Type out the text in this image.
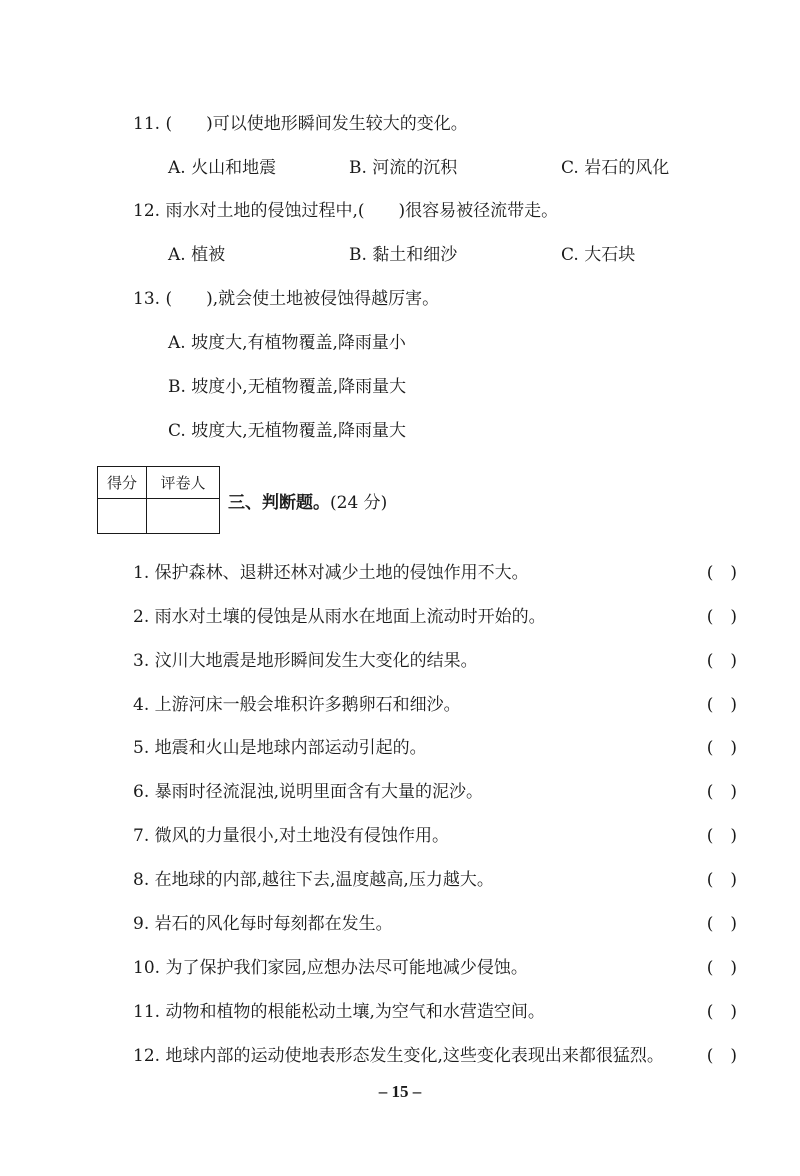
11. (　　)可以使地形瞬间发生较大的变化。
A. 火山和地震	B. 河流的沉积	C. 岩石的风化
12. 雨水对土地的侵蚀过程中,(　　)很容易被径流带走。
A. 植被	B. 黏土和细沙	C. 大石块
13. (　　),就会使土地被侵蚀得越厉害。
A. 坡度大,有植物覆盖,降雨量小
B. 坡度小,无植物覆盖,降雨量大
C. 坡度大,无植物覆盖,降雨量大
得分	评卷人

三、判断题。(24 分)
1. 保护森林、退耕还林对减少土地的侵蚀作用不大。	(　)
2. 雨水对土壤的侵蚀是从雨水在地面上流动时开始的。	(　)
3. 汶川大地震是地形瞬间发生大变化的结果。	(　)
4. 上游河床一般会堆积许多鹅卵石和细沙。	(　)
5. 地震和火山是地球内部运动引起的。	(　)
6. 暴雨时径流混浊,说明里面含有大量的泥沙。	(　)
7. 微风的力量很小,对土地没有侵蚀作用。	(　)
8. 在地球的内部,越往下去,温度越高,压力越大。	(　)
9. 岩石的风化每时每刻都在发生。	(　)
10. 为了保护我们家园,应想办法尽可能地减少侵蚀。	(　)
11. 动物和植物的根能松动土壤,为空气和水营造空间。	(　)
12. 地球内部的运动使地表形态发生变化,这些变化表现出来都很猛烈。	(　)
– 15 –
